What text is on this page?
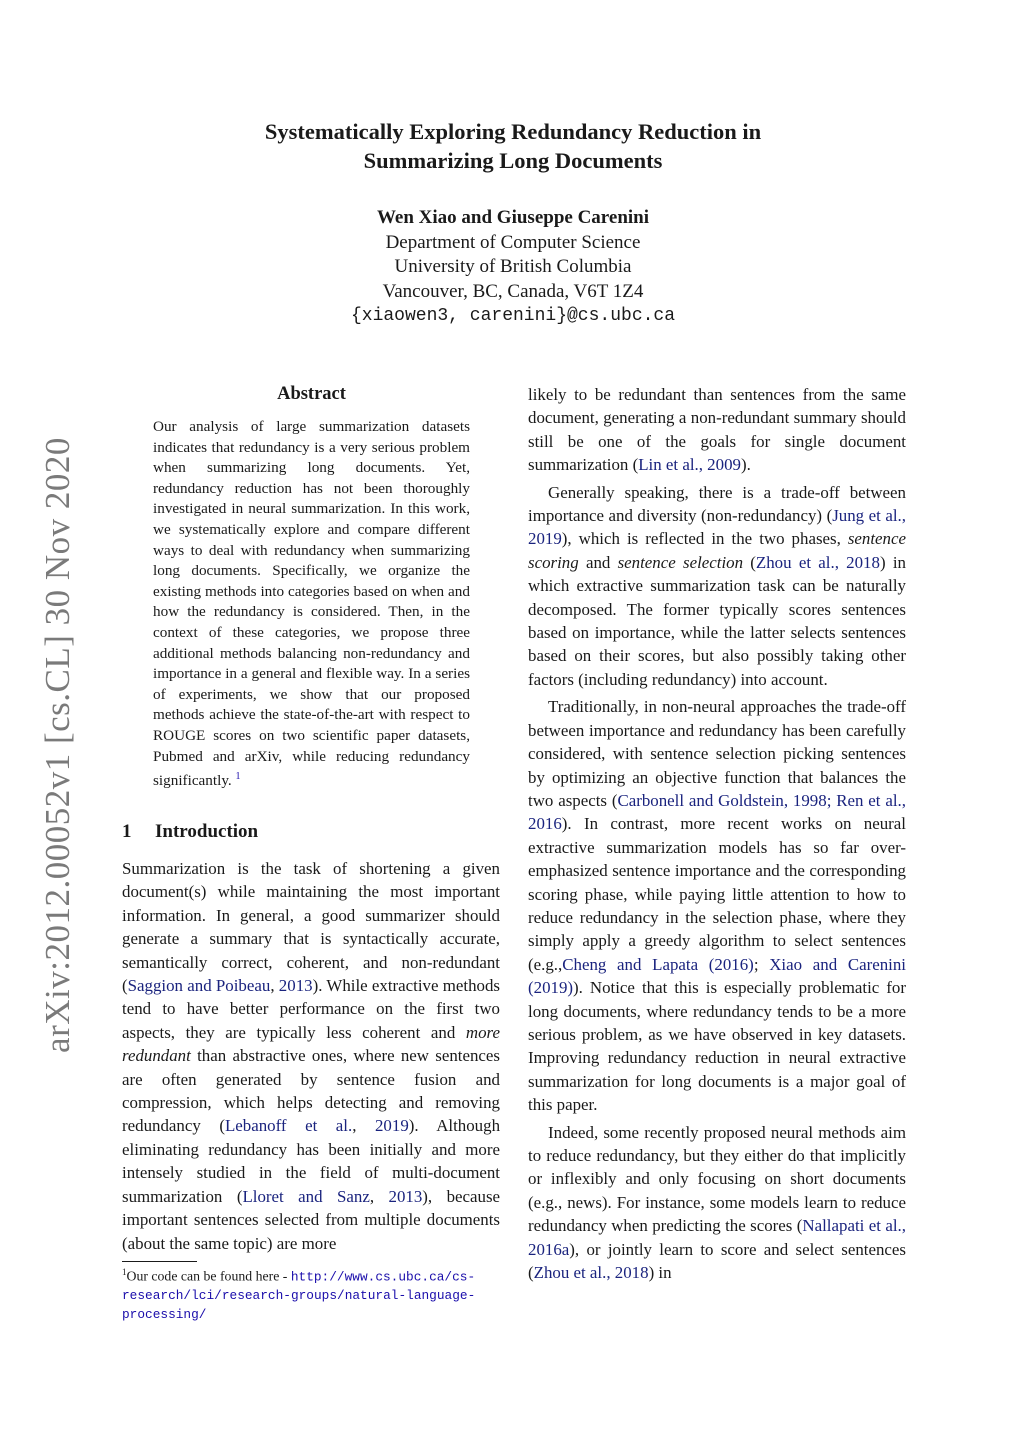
arXiv:2012.00052v1 [cs.CL] 30 Nov 2020
Systematically Exploring Redundancy Reduction in
Summarizing Long Documents
Wen Xiao and Giuseppe Carenini
Department of Computer Science
University of British Columbia
Vancouver, BC, Canada, V6T 1Z4
{xiaowen3, carenini}@cs.ubc.ca
Abstract
Our analysis of large summarization datasets indicates that redundancy is a very serious problem when summarizing long documents. Yet, redundancy reduction has not been thoroughly investigated in neural summarization. In this work, we systematically explore and compare different ways to deal with redundancy when summarizing long documents. Specifically, we organize the existing methods into categories based on when and how the redundancy is considered. Then, in the context of these categories, we propose three additional methods balancing non-redundancy and importance in a general and flexible way. In a series of experiments, we show that our proposed methods achieve the state-of-the-art with respect to ROUGE scores on two scientific paper datasets, Pubmed and arXiv, while reducing redundancy significantly. $^1$
1 Introduction

Summarization is the task of shortening a given document(s) while maintaining the most important information. In general, a good summarizer should generate a summary that is syntactically accurate, semantically correct, coherent, and non-redundant (Saggion and Poibeau, 2013). While extractive methods tend to have better performance on the first two aspects, they are typically less coherent and more redundant than abstractive ones, where new sentences are often generated by sentence fusion and compression, which helps detecting and removing redundancy (Lebanoff et al., 2019). Although eliminating redundancy has been initially and more intensely studied in the field of multi-document summarization (Lloret and Sanz, 2013), because important sentences selected from multiple documents (about the same topic) are more

$^1$Our code can be found here - http://www.cs.ubc.ca/cs-research/lci/research-groups/natural-language-processing/

likely to be redundant than sentences from the same document, generating a non-redundant summary should still be one of the goals for single document summarization (Lin et al., 2009).

Generally speaking, there is a trade-off between importance and diversity (non-redundancy) (Jung et al., 2019), which is reflected in the two phases, sentence scoring and sentence selection (Zhou et al., 2018) in which extractive summarization task can be naturally decomposed. The former typically scores sentences based on importance, while the latter selects sentences based on their scores, but also possibly taking other factors (including redundancy) into account.

Traditionally, in non-neural approaches the trade-off between importance and redundancy has been carefully considered, with sentence selection picking sentences by optimizing an objective function that balances the two aspects (Carbonell and Goldstein, 1998; Ren et al., 2016). In contrast, more recent works on neural extractive summarization models has so far over-emphasized sentence importance and the corresponding scoring phase, while paying little attention to how to reduce redundancy in the selection phase, where they simply apply a greedy algorithm to select sentences (e.g.,Cheng and Lapata (2016); Xiao and Carenini (2019)). Notice that this is especially problematic for long documents, where redundancy tends to be a more serious problem, as we have observed in key datasets. Improving redundancy reduction in neural extractive summarization for long documents is a major goal of this paper.

Indeed, some recently proposed neural methods aim to reduce redundancy, but they either do that implicitly or inflexibly and only focusing on short documents (e.g., news). For instance, some models learn to reduce redundancy when predicting the scores (Nallapati et al., 2016a), or jointly learn to score and select sentences (Zhou et al., 2018) in
